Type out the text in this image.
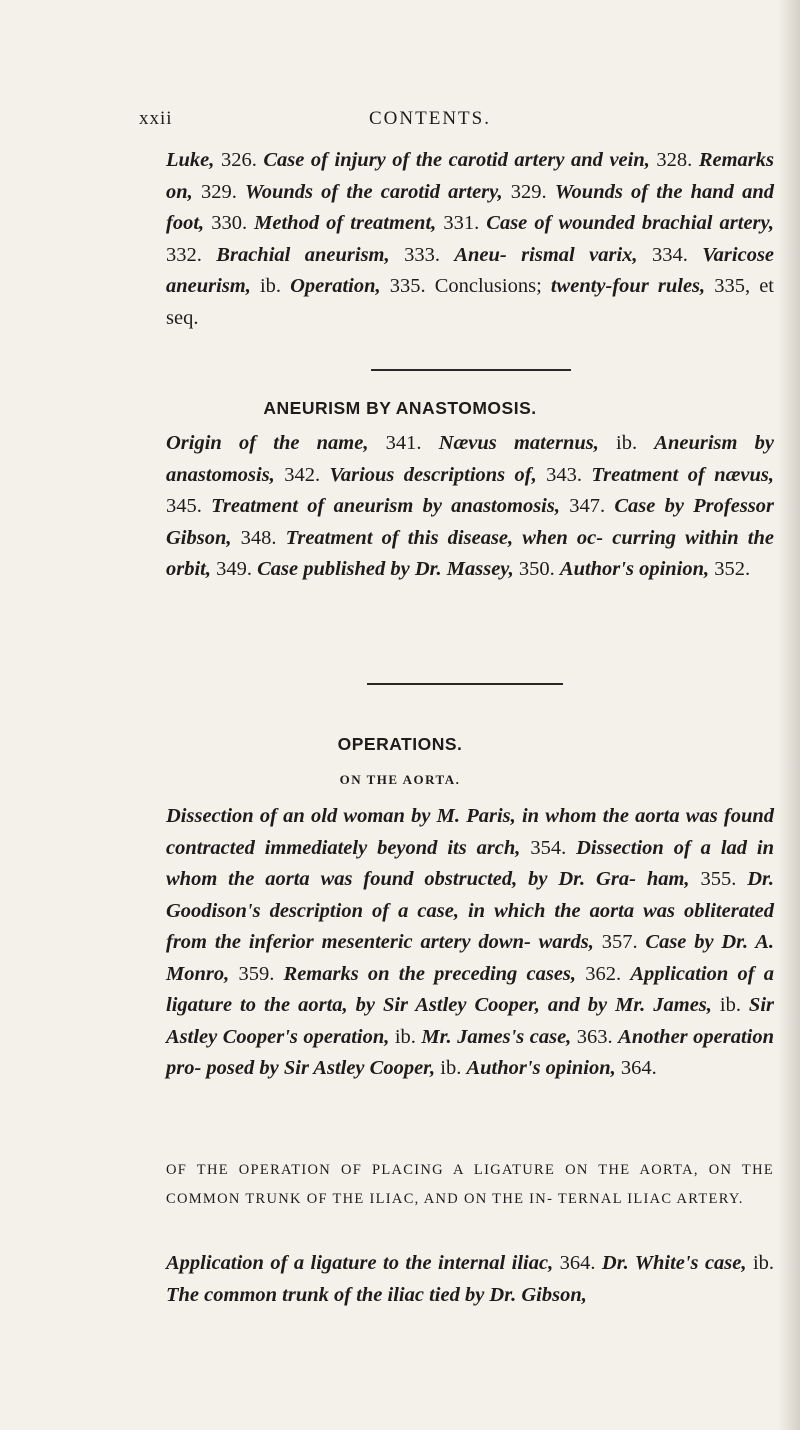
xxii	CONTENTS.

Luke, 326. Case of injury of the carotid artery and vein, 328. Remarks on, 329. Wounds of the carotid artery, 329. Wounds of the hand and foot, 330. Method of treatment, 331. Case of wounded brachial artery, 332. Brachial aneurism, 333. Aneu- rismal varix, 334. Varicose aneurism, ib. Operation, 335. Conclusions; twenty-four rules, 335, et seq.

ANEURISM BY ANASTOMOSIS.

Origin of the name, 341. Nævus maternus, ib. Aneurism by anastomosis, 342. Various descriptions of, 343. Treatment of nævus, 345. Treatment of aneurism by anastomosis, 347. Case by Professor Gibson, 348. Treatment of this disease, when oc- curring within the orbit, 349. Case published by Dr. Massey, 350. Author's opinion, 352.

OPERATIONS.
ON THE AORTA.

Dissection of an old woman by M. Paris, in whom the aorta was found contracted immediately beyond its arch, 354. Dissection of a lad in whom the aorta was found obstructed, by Dr. Gra- ham, 355. Dr. Goodison's description of a case, in which the aorta was obliterated from the inferior mesenteric artery down- wards, 357. Case by Dr. A. Monro, 359. Remarks on the preceding cases, 362. Application of a ligature to the aorta, by Sir Astley Cooper, and by Mr. James, ib. Sir Astley Cooper's operation, ib. Mr. James's case, 363. Another operation pro- posed by Sir Astley Cooper, ib. Author's opinion, 364.

OF THE OPERATION OF PLACING A LIGATURE ON THE AORTA, ON THE COMMON TRUNK OF THE ILIAC, AND ON THE IN- TERNAL ILIAC ARTERY.

Application of a ligature to the internal iliac, 364. Dr. White's case, ib. The common trunk of the iliac tied by Dr. Gibson,
